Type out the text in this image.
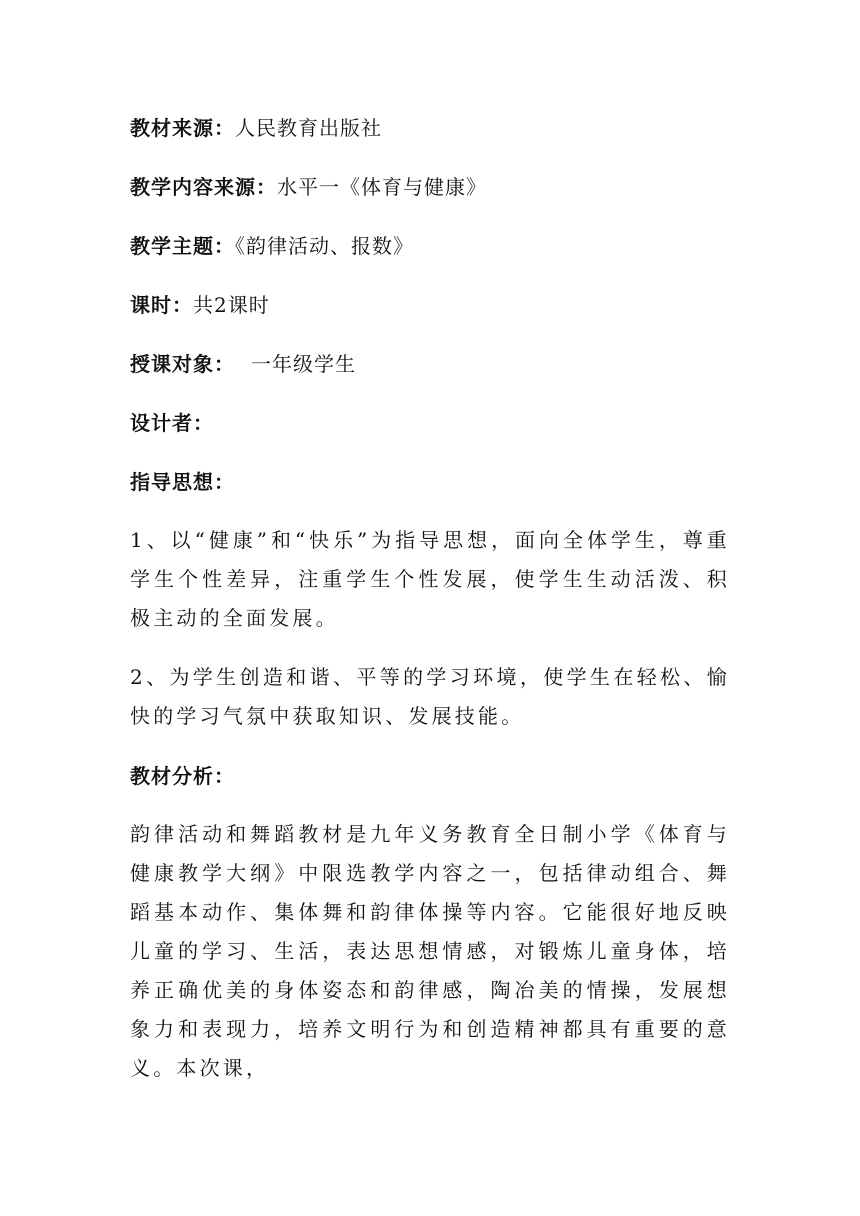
教材来源：人民教育出版社
教学内容来源：水平一《体育与健康》
教学主题：《韵律活动、报数》
课时：共2课时
授课对象： 一年级学生
设计者：
指导思想：

1、以“健康”和“快乐”为指导思想，面向全体学生，尊重学生个性差异，注重学生个性发展，使学生生动活泼、积极主动的全面发展。

2、为学生创造和谐、平等的学习环境，使学生在轻松、愉快的学习气氛中获取知识、发展技能。

教材分析：

韵律活动和舞蹈教材是九年义务教育全日制小学《体育与健康教学大纲》中限选教学内容之一，包括律动组合、舞蹈基本动作、集体舞和韵律体操等内容。它能很好地反映儿童的学习、生活，表达思想情感，对锻炼儿童身体，培养正确优美的身体姿态和韵律感，陶冶美的情操，发展想象力和表现力，培养文明行为和创造精神都具有重要的意义。本次课，
